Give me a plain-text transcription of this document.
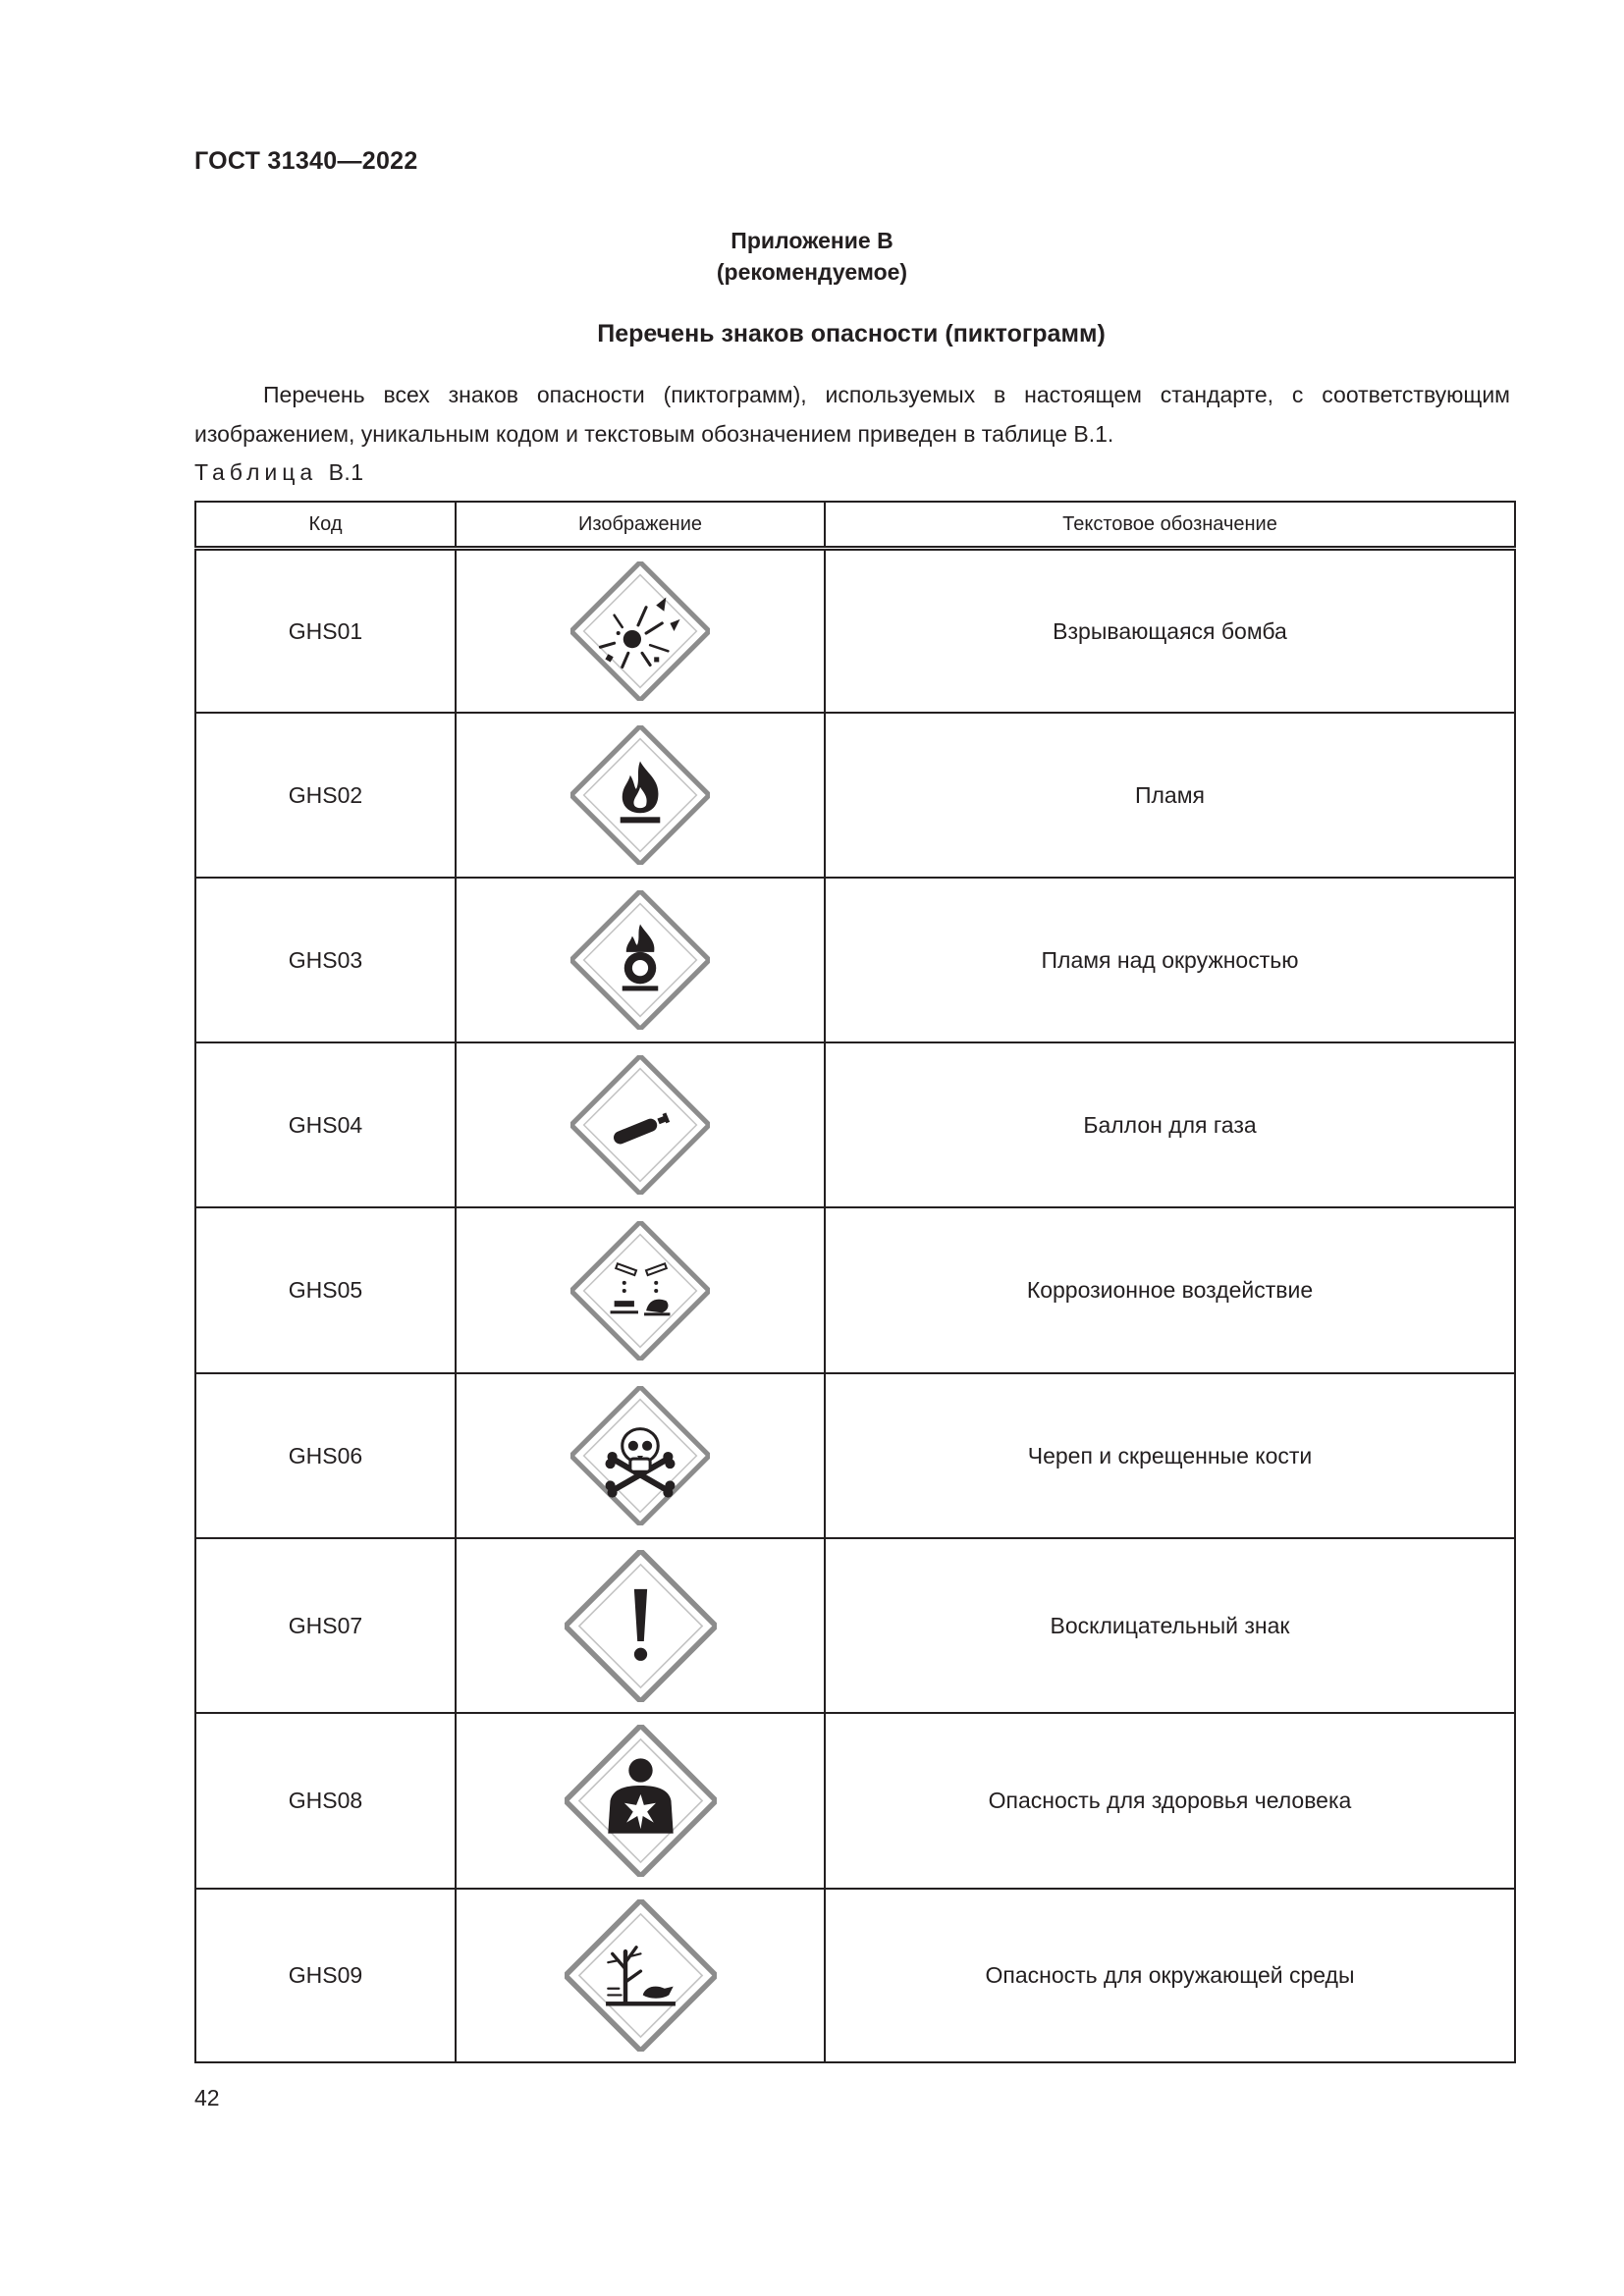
ГОСТ 31340—2022
Приложение В
(рекомендуемое)
Перечень знаков опасности (пиктограмм)

Перечень всех знаков опасности (пиктограмм), используемых в настоящем стандарте, с соответствующим изображением, уникальным кодом и текстовым обозначением приведен в таблице В.1.

Таблица В.1
Код	Изображение	Текстовое обозначение
GHS01		Взрывающаяся бомба
GHS02		Пламя
GHS03		Пламя над окружностью
GHS04		Баллон для газа
GHS05		Коррозионное воздействие
GHS06		Череп и скрещенные кости
GHS07		Восклицательный знак
GHS08		Опасность для здоровья человека
GHS09		Опасность для окружающей среды
42
